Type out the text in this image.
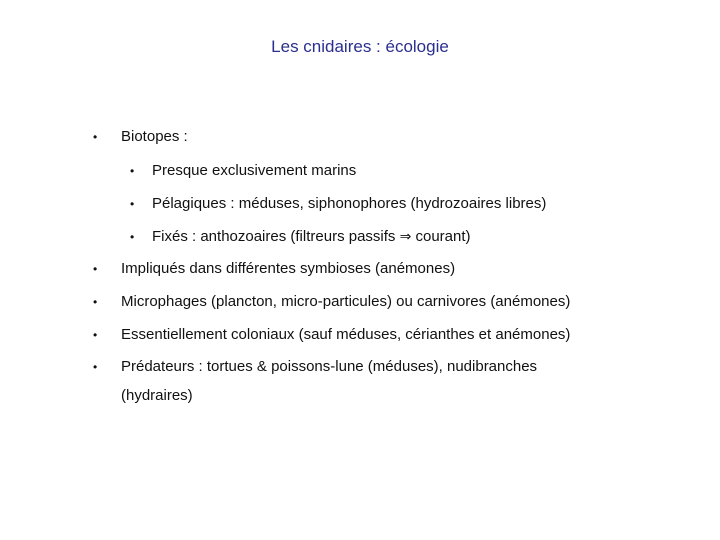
Les cnidaires : écologie
• Biotopes :
• Presque exclusivement marins
• Pélagiques : méduses, siphonophores (hydrozoaires libres)
• Fixés : anthozoaires (filtreurs passifs ⇒ courant)
• Impliqués dans différentes symbioses (anémones)
• Microphages (plancton, micro-particules) ou carnivores (anémones)
• Essentiellement coloniaux (sauf méduses, cérianthes et anémones)
• Prédateurs : tortues & poissons-lune (méduses), nudibranches
(hydraires)
